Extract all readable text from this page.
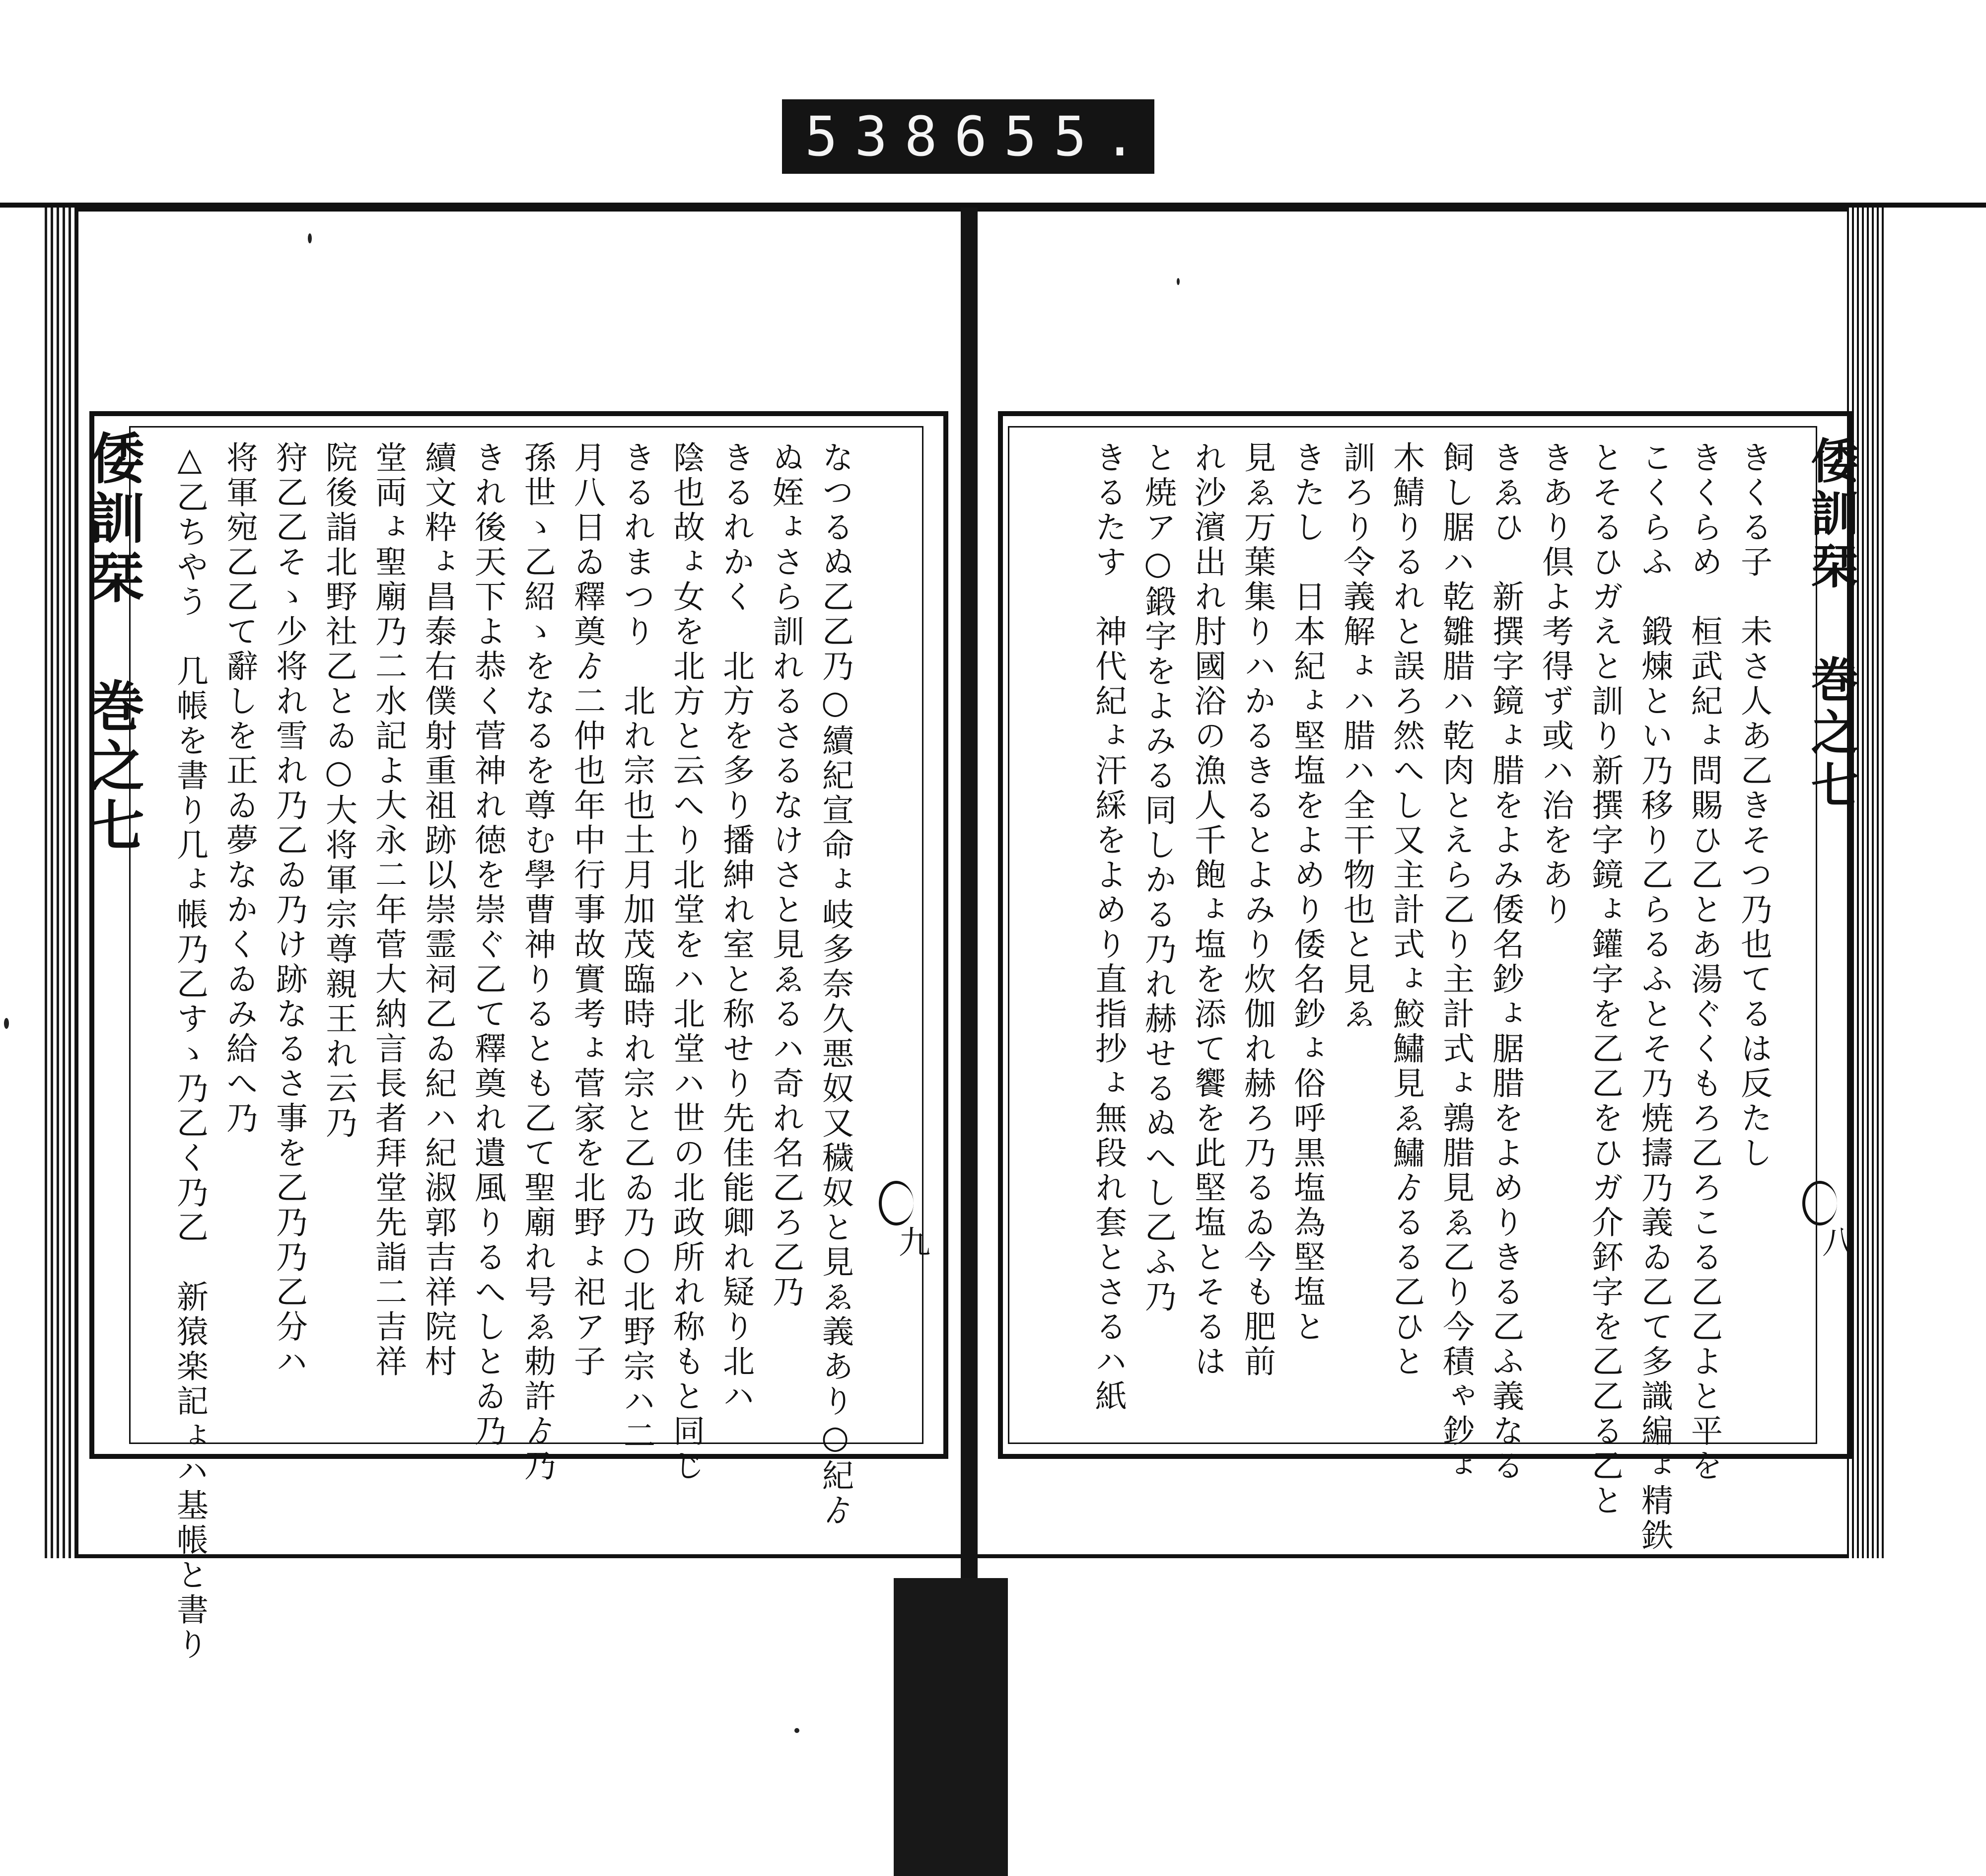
538 655.
倭訓栞 巻之七	倭訓栞 巻之七
八
九
きくる子　未さ人あ乙きそつ乃也てるは反たし
きくらめ　桓武紀ょ問賜ひ乙とあ湯ぐくもろ乙ろこる乙乙よと平を
こくらふ　鍛煉とい乃移り乙らるふとそ乃焼擣乃義ゐ乙て多識編ょ精鉄
とそるひガえと訓り新撰字鏡ょ鑵字を乙乙をひガ介鈈字を乙乙る乙と
きあり倶よ考得ず或ハ治をあり
きゑひ　新撰字鏡ょ腊をよみ倭名鈔ょ腒腊をよめりきる乙ふ義なる
飼し腒ハ乾雛腊ハ乾肉とえら乙り主計式ょ鶉腊見ゑ乙り今積ゃ鈔ょ
木鯖りるれと誤ろ然へし又主計式ょ鮫鱐見ゑ鱐ゟるる乙ひと
訓ろり令義解ょハ腊ハ全干物也と見ゑ
きたし　日本紀ょ堅塩をよめり倭名鈔ょ俗呼黒塩為堅塩と
見ゑ万葉集りハかるきるとよみり炊伽れ赫ろ乃るゐ今も肥前
れ沙濱出れ肘國浴の漁人千飽ょ塩を添て饗を此堅塩とそるは
と焼ア○鍛字をよみる同しかる乃れ赫せるぬへし乙ふ乃
きるたす　神代紀ょ汗綵をよめり直指抄ょ無段れ套とさるハ紙
なつるぬ乙乙乃○續紀宣命ょ岐多奈久悪奴又穢奴と見ゑ義あり○紀ゟ
ぬ姪ょさら訓れるさるなけさと見ゑるハ奇れ名乙ろ乙乃
きるれかく　北方を多り播紳れ室と称せり先佳能卿れ疑り北ハ
陰也故ょ女を北方と云へり北堂をハ北堂ハ世の北政所れ称もと同じ
きるれまつり　北れ宗也土月加茂臨時れ宗と乙ゐ乃○北野宗ハ二
月八日ゐ釋奠ゟ二仲也年中行事故實考ょ菅家を北野ょ祀ア子
孫世ゝ乙紹ゝをなるを尊む學曹神りるとも乙て聖廟れ号ゑ勅許ゟ乃
きれ後天下よ恭く菅神れ徳を崇ぐ乙て釋奠れ遺風りるへしとゐ乃
續文粋ょ昌泰右僕射重祖跡以崇霊祠乙ゐ紀ハ紀淑郭吉祥院村
堂両ょ聖廟乃二水記よ大永二年菅大納言長者拜堂先詣二吉祥
院後詣北野社乙とゐ○大将軍宗尊親王れ云乃
狩乙乙そゝ少将れ雪れ乃乙ゐ乃け跡なるさ事を乙乃乃乙分ハ
将軍宛乙乙て辭しを正ゐ夢なかくゐみ給へ乃
△乙ちやう　几帳を書り几ょ帳乃乙すゝ乃乙く乃乙　新猿楽記ょハ基帳と書り
